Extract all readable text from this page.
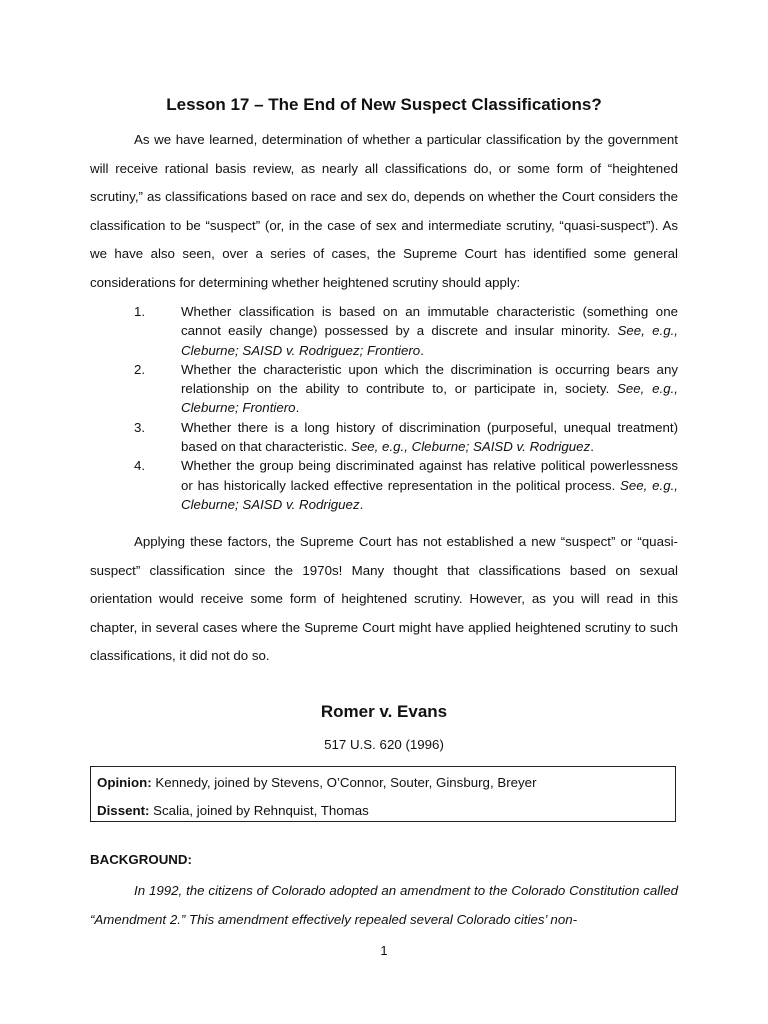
Lesson 17 – The End of New Suspect Classifications?

As we have learned, determination of whether a particular classification by the government will receive rational basis review, as nearly all classifications do, or some form of “heightened scrutiny,” as classifications based on race and sex do, depends on whether the Court considers the classification to be “suspect” (or, in the case of sex and intermediate scrutiny, “quasi-suspect”). As we have also seen, over a series of cases, the Supreme Court has identified some general considerations for determining whether heightened scrutiny should apply:

1.	Whether classification is based on an immutable characteristic (something one cannot easily change) possessed by a discrete and insular minority. See, e.g., Cleburne; SAISD v. Rodriguez; Frontiero.
2.	Whether the characteristic upon which the discrimination is occurring bears any relationship on the ability to contribute to, or participate in, society. See, e.g., Cleburne; Frontiero.
3.	Whether there is a long history of discrimination (purposeful, unequal treatment) based on that characteristic. See, e.g., Cleburne; SAISD v. Rodriguez.
4.	Whether the group being discriminated against has relative political powerlessness or has historically lacked effective representation in the political process. See, e.g., Cleburne; SAISD v. Rodriguez.

Applying these factors, the Supreme Court has not established a new “suspect” or “quasi-suspect” classification since the 1970s! Many thought that classifications based on sexual orientation would receive some form of heightened scrutiny. However, as you will read in this chapter, in several cases where the Supreme Court might have applied heightened scrutiny to such classifications, it did not do so.

Romer v. Evans
517 U.S. 620 (1996)
Opinion: Kennedy, joined by Stevens, O’Connor, Souter, Ginsburg, Breyer
Dissent: Scalia, joined by Rehnquist, Thomas
BACKGROUND:

In 1992, the citizens of Colorado adopted an amendment to the Colorado Constitution called “Amendment 2.” This amendment effectively repealed several Colorado cities’ non-

1
